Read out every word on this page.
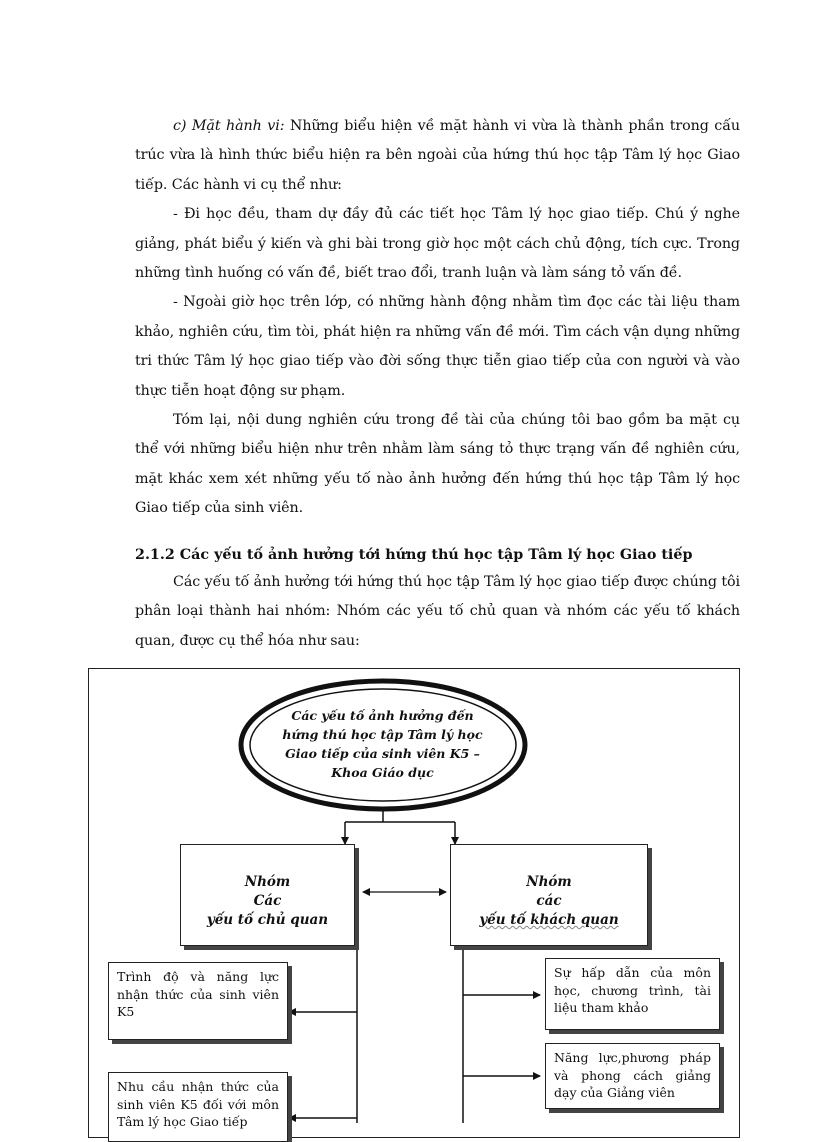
c) Mặt hành vi: Những biểu hiện về mặt hành vi vừa là thành phần trong cấu trúc vừa là hình thức biểu hiện ra bên ngoài của hứng thú học tập Tâm lý học Giao tiếp. Các hành vi cụ thể như:

- Đi học đều, tham dự đầy đủ các tiết học Tâm lý học giao tiếp. Chú ý nghe giảng, phát biểu ý kiến và ghi bài trong giờ học một cách chủ động, tích cực. Trong những tình huống có vấn đề, biết trao đổi, tranh luận và làm sáng tỏ vấn đề.

- Ngoài giờ học trên lớp, có những hành động nhằm tìm đọc các tài liệu tham khảo, nghiên cứu, tìm tòi, phát hiện ra những vấn đề mới. Tìm cách vận dụng những tri thức Tâm lý học giao tiếp vào đời sống thực tiễn giao tiếp của con người và vào thực tiễn hoạt động sư phạm.

Tóm lại, nội dung nghiên cứu trong đề tài của chúng tôi bao gồm ba mặt cụ thể với những biểu hiện như trên nhằm làm sáng tỏ thực trạng vấn đề nghiên cứu, mặt khác xem xét những yếu tố nào ảnh hưởng đến hứng thú học tập Tâm lý học Giao tiếp của sinh viên.

2.1.2 Các yếu tố ảnh hưởng tới hứng thú học tập Tâm lý học Giao tiếp

Các yếu tố ảnh hưởng tới hứng thú học tập Tâm lý học giao tiếp được chúng tôi phân loại thành hai nhóm: Nhóm các yếu tố chủ quan và nhóm các yếu tố khách quan, được cụ thể hóa như sau:

Các yếu tố ảnh hưởng đến hứng thú học tập Tâm lý học Giao tiếp của sinh viên K5 – Khoa Giáo dục
Nhóm
Các
yếu tố chủ quan
Nhóm
các
yếu tố khách quan
Trình độ và năng lực nhận thức của sinh viên K5
Nhu cầu nhận thức của sinh viên K5 đối với môn Tâm lý học Giao tiếp
Sự hấp dẫn của môn học, chương trình, tài liệu tham khảo
Năng lực,phương pháp và phong cách giảng dạy của Giảng viên
